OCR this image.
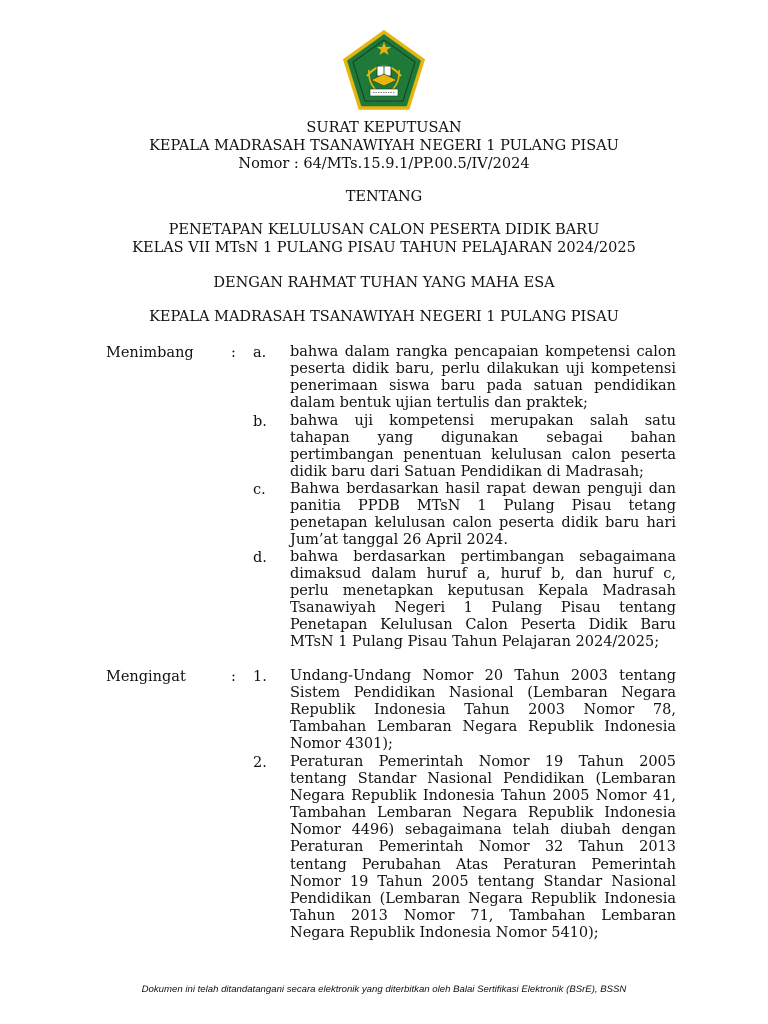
SURAT KEPUTUSAN
KEPALA MADRASAH TSANAWIYAH NEGERI 1 PULANG PISAU
Nomor : 64/MTs.15.9.1/PP.00.5/IV/2024
TENTANG
PENETAPAN KELULUSAN CALON PESERTA DIDIK BARU
KELAS VII MTsN 1 PULANG PISAU TAHUN PELAJARAN 2024/2025
DENGAN RAHMAT TUHAN YANG MAHA ESA
KEPALA MADRASAH TSANAWIYAH NEGERI 1 PULANG PISAU
Menimbang	: a. bahwa dalam rangka pencapaian kompetensi calon
peserta didik baru, perlu dilakukan uji kompetensi
penerimaan siswa baru pada satuan pendidikan
dalam bentuk ujian tertulis dan praktek;
b. bahwa uji kompetensi merupakan salah satu
tahapan yang digunakan sebagai bahan
pertimbangan penentuan kelulusan calon peserta
didik baru dari Satuan Pendidikan di Madrasah;
c. Bahwa berdasarkan hasil rapat dewan penguji dan
panitia PPDB MTsN 1 Pulang Pisau tetang
penetapan kelulusan calon peserta didik baru hari
Jum’at tanggal 26 April 2024.
d. bahwa berdasarkan pertimbangan sebagaimana
dimaksud dalam huruf a, huruf b, dan huruf c,
perlu menetapkan keputusan Kepala Madrasah
Tsanawiyah Negeri 1 Pulang Pisau tentang
Penetapan Kelulusan Calon Peserta Didik Baru
MTsN 1 Pulang Pisau Tahun Pelajaran 2024/2025;
Mengingat	: 1. Undang-Undang Nomor 20 Tahun 2003 tentang
Sistem Pendidikan Nasional (Lembaran Negara
Republik Indonesia Tahun 2003 Nomor 78,
Tambahan Lembaran Negara Republik Indonesia
Nomor 4301);
2. Peraturan Pemerintah Nomor 19 Tahun 2005
tentang Standar Nasional Pendidikan (Lembaran
Negara Republik Indonesia Tahun 2005 Nomor 41,
Tambahan Lembaran Negara Republik Indonesia
Nomor 4496) sebagaimana telah diubah dengan
Peraturan Pemerintah Nomor 32 Tahun 2013
tentang Perubahan Atas Peraturan Pemerintah
Nomor 19 Tahun 2005 tentang Standar Nasional
Pendidikan (Lembaran Negara Republik Indonesia
Tahun 2013 Nomor 71, Tambahan Lembaran
Negara Republik Indonesia Nomor 5410);
Dokumen ini telah ditandatangani secara elektronik yang diterbitkan oleh Balai Sertifikasi Elektronik (BSrE), BSSN
